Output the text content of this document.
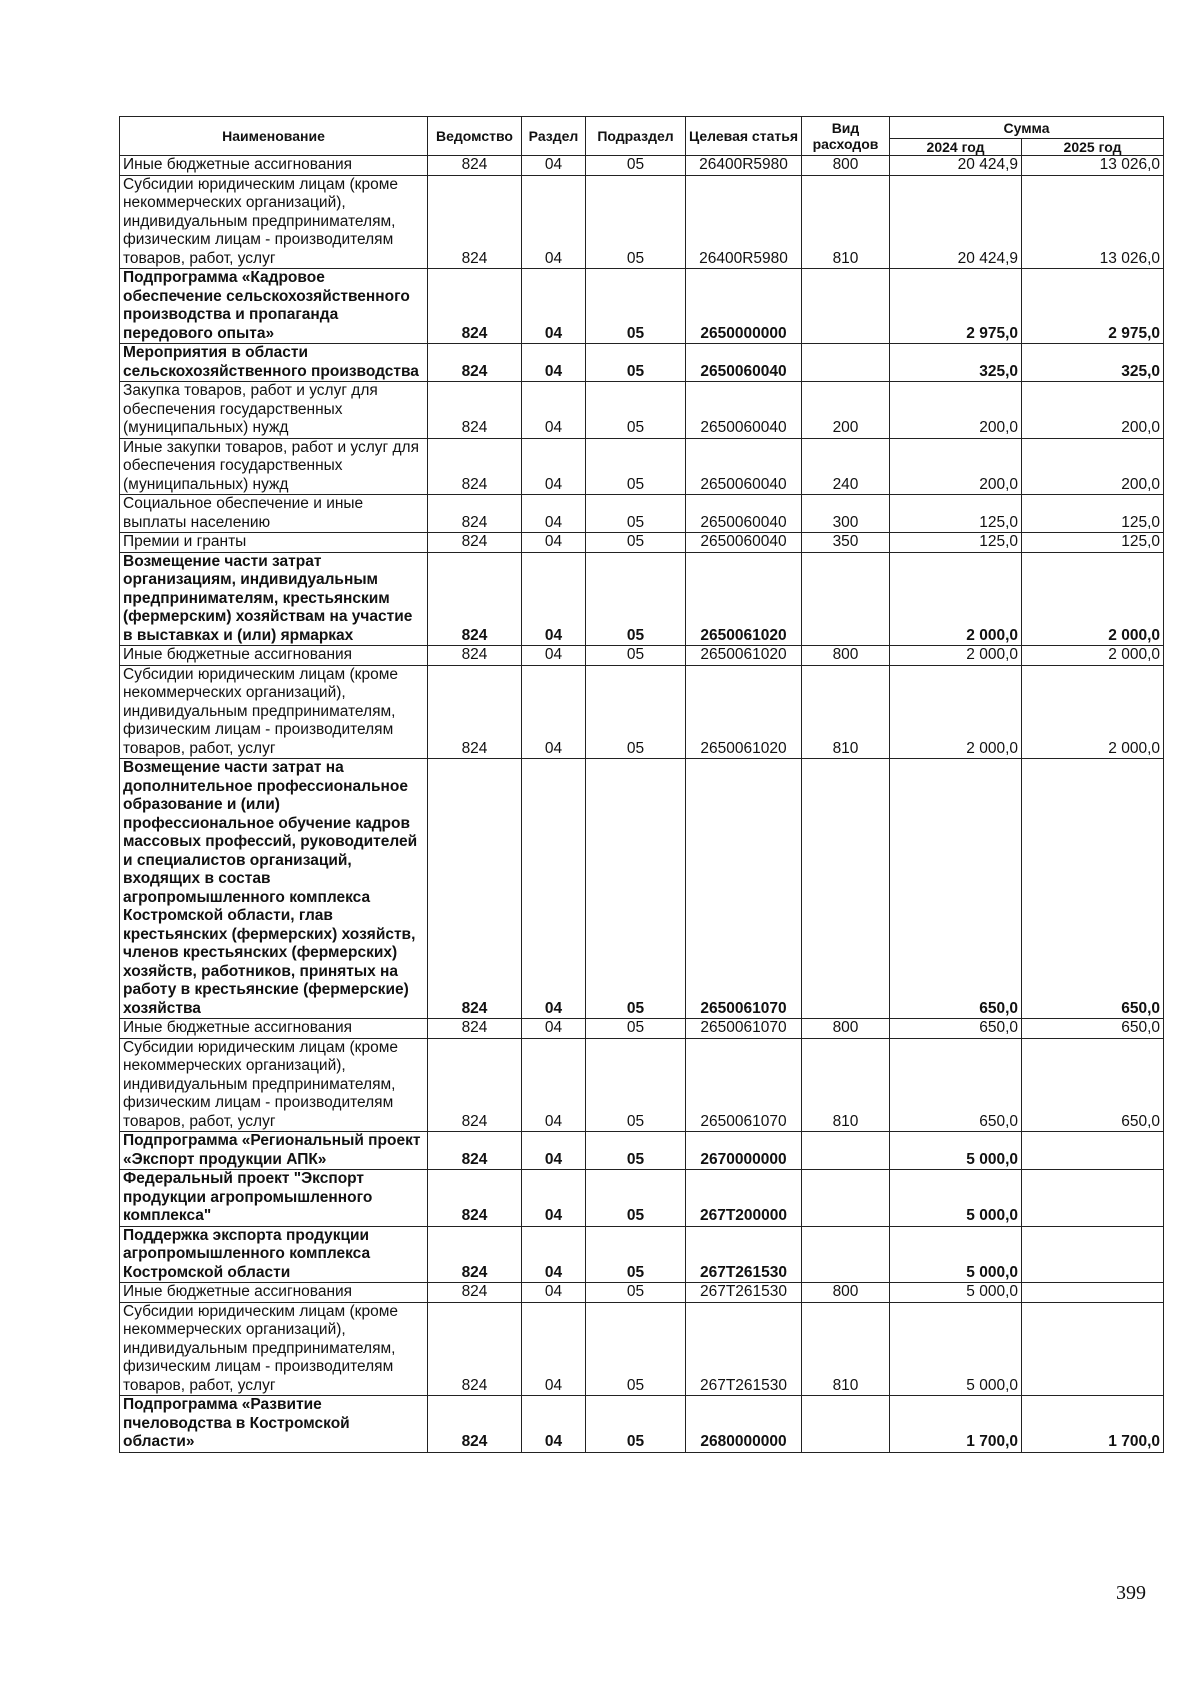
Наименование	Ведомство	Раздел	Подраздел	Целевая статья	Вид расходов	Сумма	
						2024 год	2025 год
Иные бюджетные ассигнования	824	04	05	26400R5980	800	20 424,9	13 026,0
Субсидии юридическим лицам (кроме некоммерческих организаций), индивидуальным предпринимателям, физическим лицам - производителям товаров, работ, услуг	824	04	05	26400R5980	810	20 424,9	13 026,0
Подпрограмма «Кадровое обеспечение сельскохозяйственного производства и пропаганда передового опыта»	824	04	05	2650000000		2 975,0	2 975,0
Мероприятия в области сельскохозяйственного производства	824	04	05	2650060040		325,0	325,0
Закупка товаров, работ и услуг для обеспечения государственных (муниципальных) нужд	824	04	05	2650060040	200	200,0	200,0
Иные закупки товаров, работ и услуг для обеспечения государственных (муниципальных) нужд	824	04	05	2650060040	240	200,0	200,0
Социальное обеспечение и иные выплаты населению	824	04	05	2650060040	300	125,0	125,0
Премии и гранты	824	04	05	2650060040	350	125,0	125,0
Возмещение части затрат организациям, индивидуальным предпринимателям, крестьянским (фермерским) хозяйствам на участие в выставках и (или) ярмарках	824	04	05	2650061020		2 000,0	2 000,0
Иные бюджетные ассигнования	824	04	05	2650061020	800	2 000,0	2 000,0
Субсидии юридическим лицам (кроме некоммерческих организаций), индивидуальным предпринимателям, физическим лицам - производителям товаров, работ, услуг	824	04	05	2650061020	810	2 000,0	2 000,0
Возмещение части затрат на дополнительное профессиональное образование и (или) профессиональное обучение кадров массовых профессий, руководителей и специалистов организаций, входящих в состав агропромышленного комплекса Костромской области, глав крестьянских (фермерских) хозяйств, членов крестьянских (фермерских) хозяйств, работников, принятых на работу в крестьянские (фермерские) хозяйства	824	04	05	2650061070		650,0	650,0
Иные бюджетные ассигнования	824	04	05	2650061070	800	650,0	650,0
Субсидии юридическим лицам (кроме некоммерческих организаций), индивидуальным предпринимателям, физическим лицам - производителям товаров, работ, услуг	824	04	05	2650061070	810	650,0	650,0
Подпрограмма «Региональный проект «Экспорт продукции АПК»	824	04	05	2670000000		5 000,0	
Федеральный проект "Экспорт продукции агропромышленного комплекса"	824	04	05	267Т200000		5 000,0	
Поддержка экспорта продукции агропромышленного комплекса Костромской области	824	04	05	267Т261530		5 000,0	
Иные бюджетные ассигнования	824	04	05	267Т261530	800	5 000,0	
Субсидии юридическим лицам (кроме некоммерческих организаций), индивидуальным предпринимателям, физическим лицам - производителям товаров, работ, услуг	824	04	05	267Т261530	810	5 000,0	
Подпрограмма «Развитие пчеловодства в Костромской области»	824	04	05	2680000000		1 700,0	1 700,0
399
